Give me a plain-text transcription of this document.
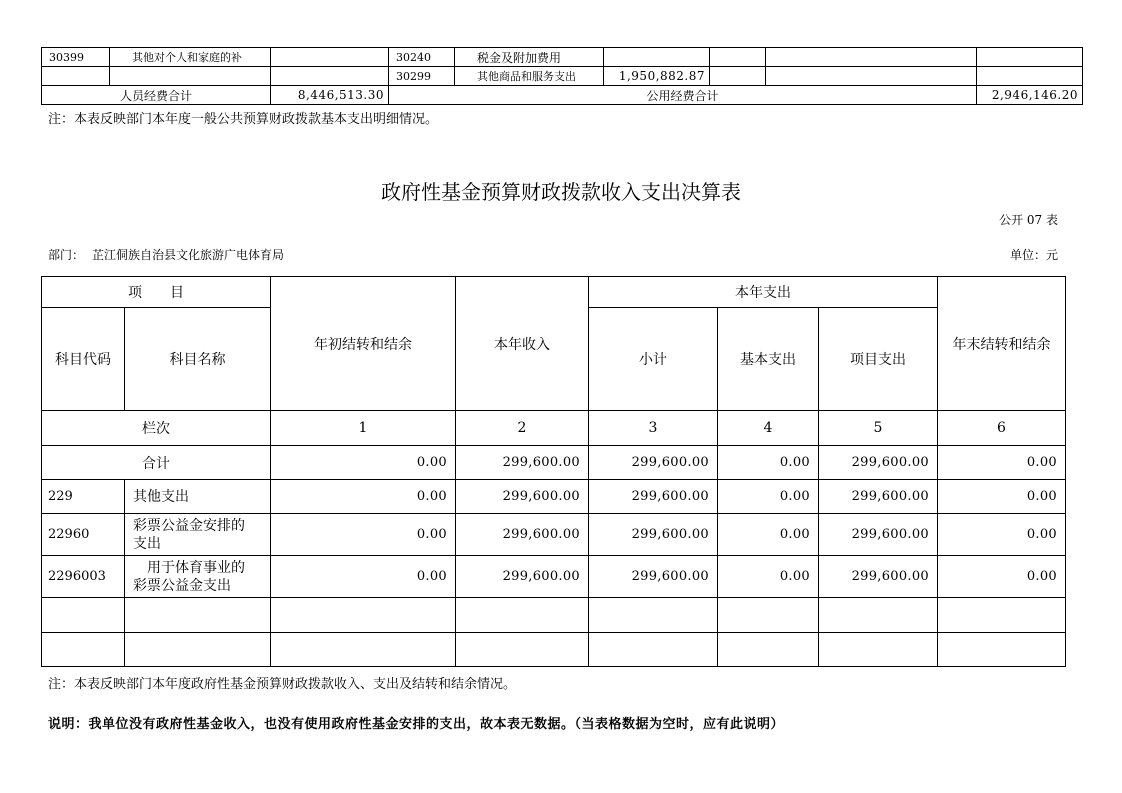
30399	其他对个人和家庭的补		30240	税金及附加费用				
			30299	其他商品和服务支出	1,950,882.87			
人员经费合计		8,446,513.30	公用经费合计					2,946,146.20
注：本表反映部门本年度一般公共预算财政拨款基本支出明细情况。
政府性基金预算财政拨款收入支出决算表
公开 07 表
部门： 芷江侗族自治县文化旅游广电体育局	单位：元
项　　目		年初结转和结余	本年收入	本年支出			年末结转和结余
科目代码	科目名称			小计	基本支出	项目支出	
栏次		1	2	3	4	5	6
合计		0.00	299,600.00	299,600.00	0.00	299,600.00	0.00
229	其他支出	0.00	299,600.00	299,600.00	0.00	299,600.00	0.00
22960	彩票公益金安排的支出	0.00	299,600.00	299,600.00	0.00	299,600.00	0.00
2296003	　用于体育事业的彩票公益金支出	0.00	299,600.00	299,600.00	0.00	299,600.00	0.00

注：本表反映部门本年度政府性基金预算财政拨款收入、支出及结转和结余情况。
说明：我单位没有政府性基金收入，也没有使用政府性基金安排的支出，故本表无数据。（当表格数据为空时，应有此说明）
